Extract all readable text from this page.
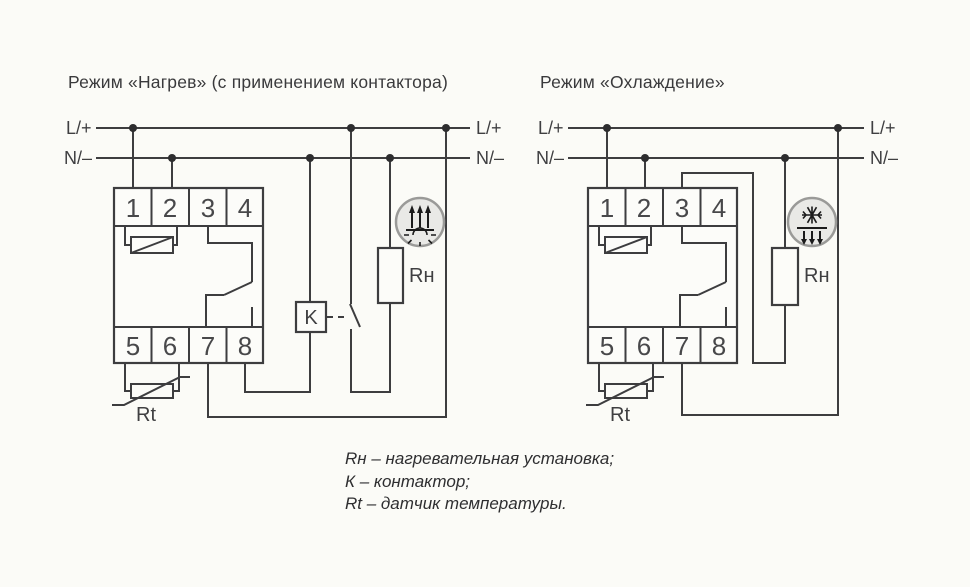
Режим «Нагрев» (с применением контактора)	Режим «Охлаждение»
L/+
N/–
L/+
N/–
K
Rн
1 2 3 4
5 6 7 8
Rt
L/+
N/–
L/+
N/–
Rн
1 2 3 4
5 6 7 8
Rt
Rн – нагревательная установка;
К – контактор;
Rt – датчик температуры.
